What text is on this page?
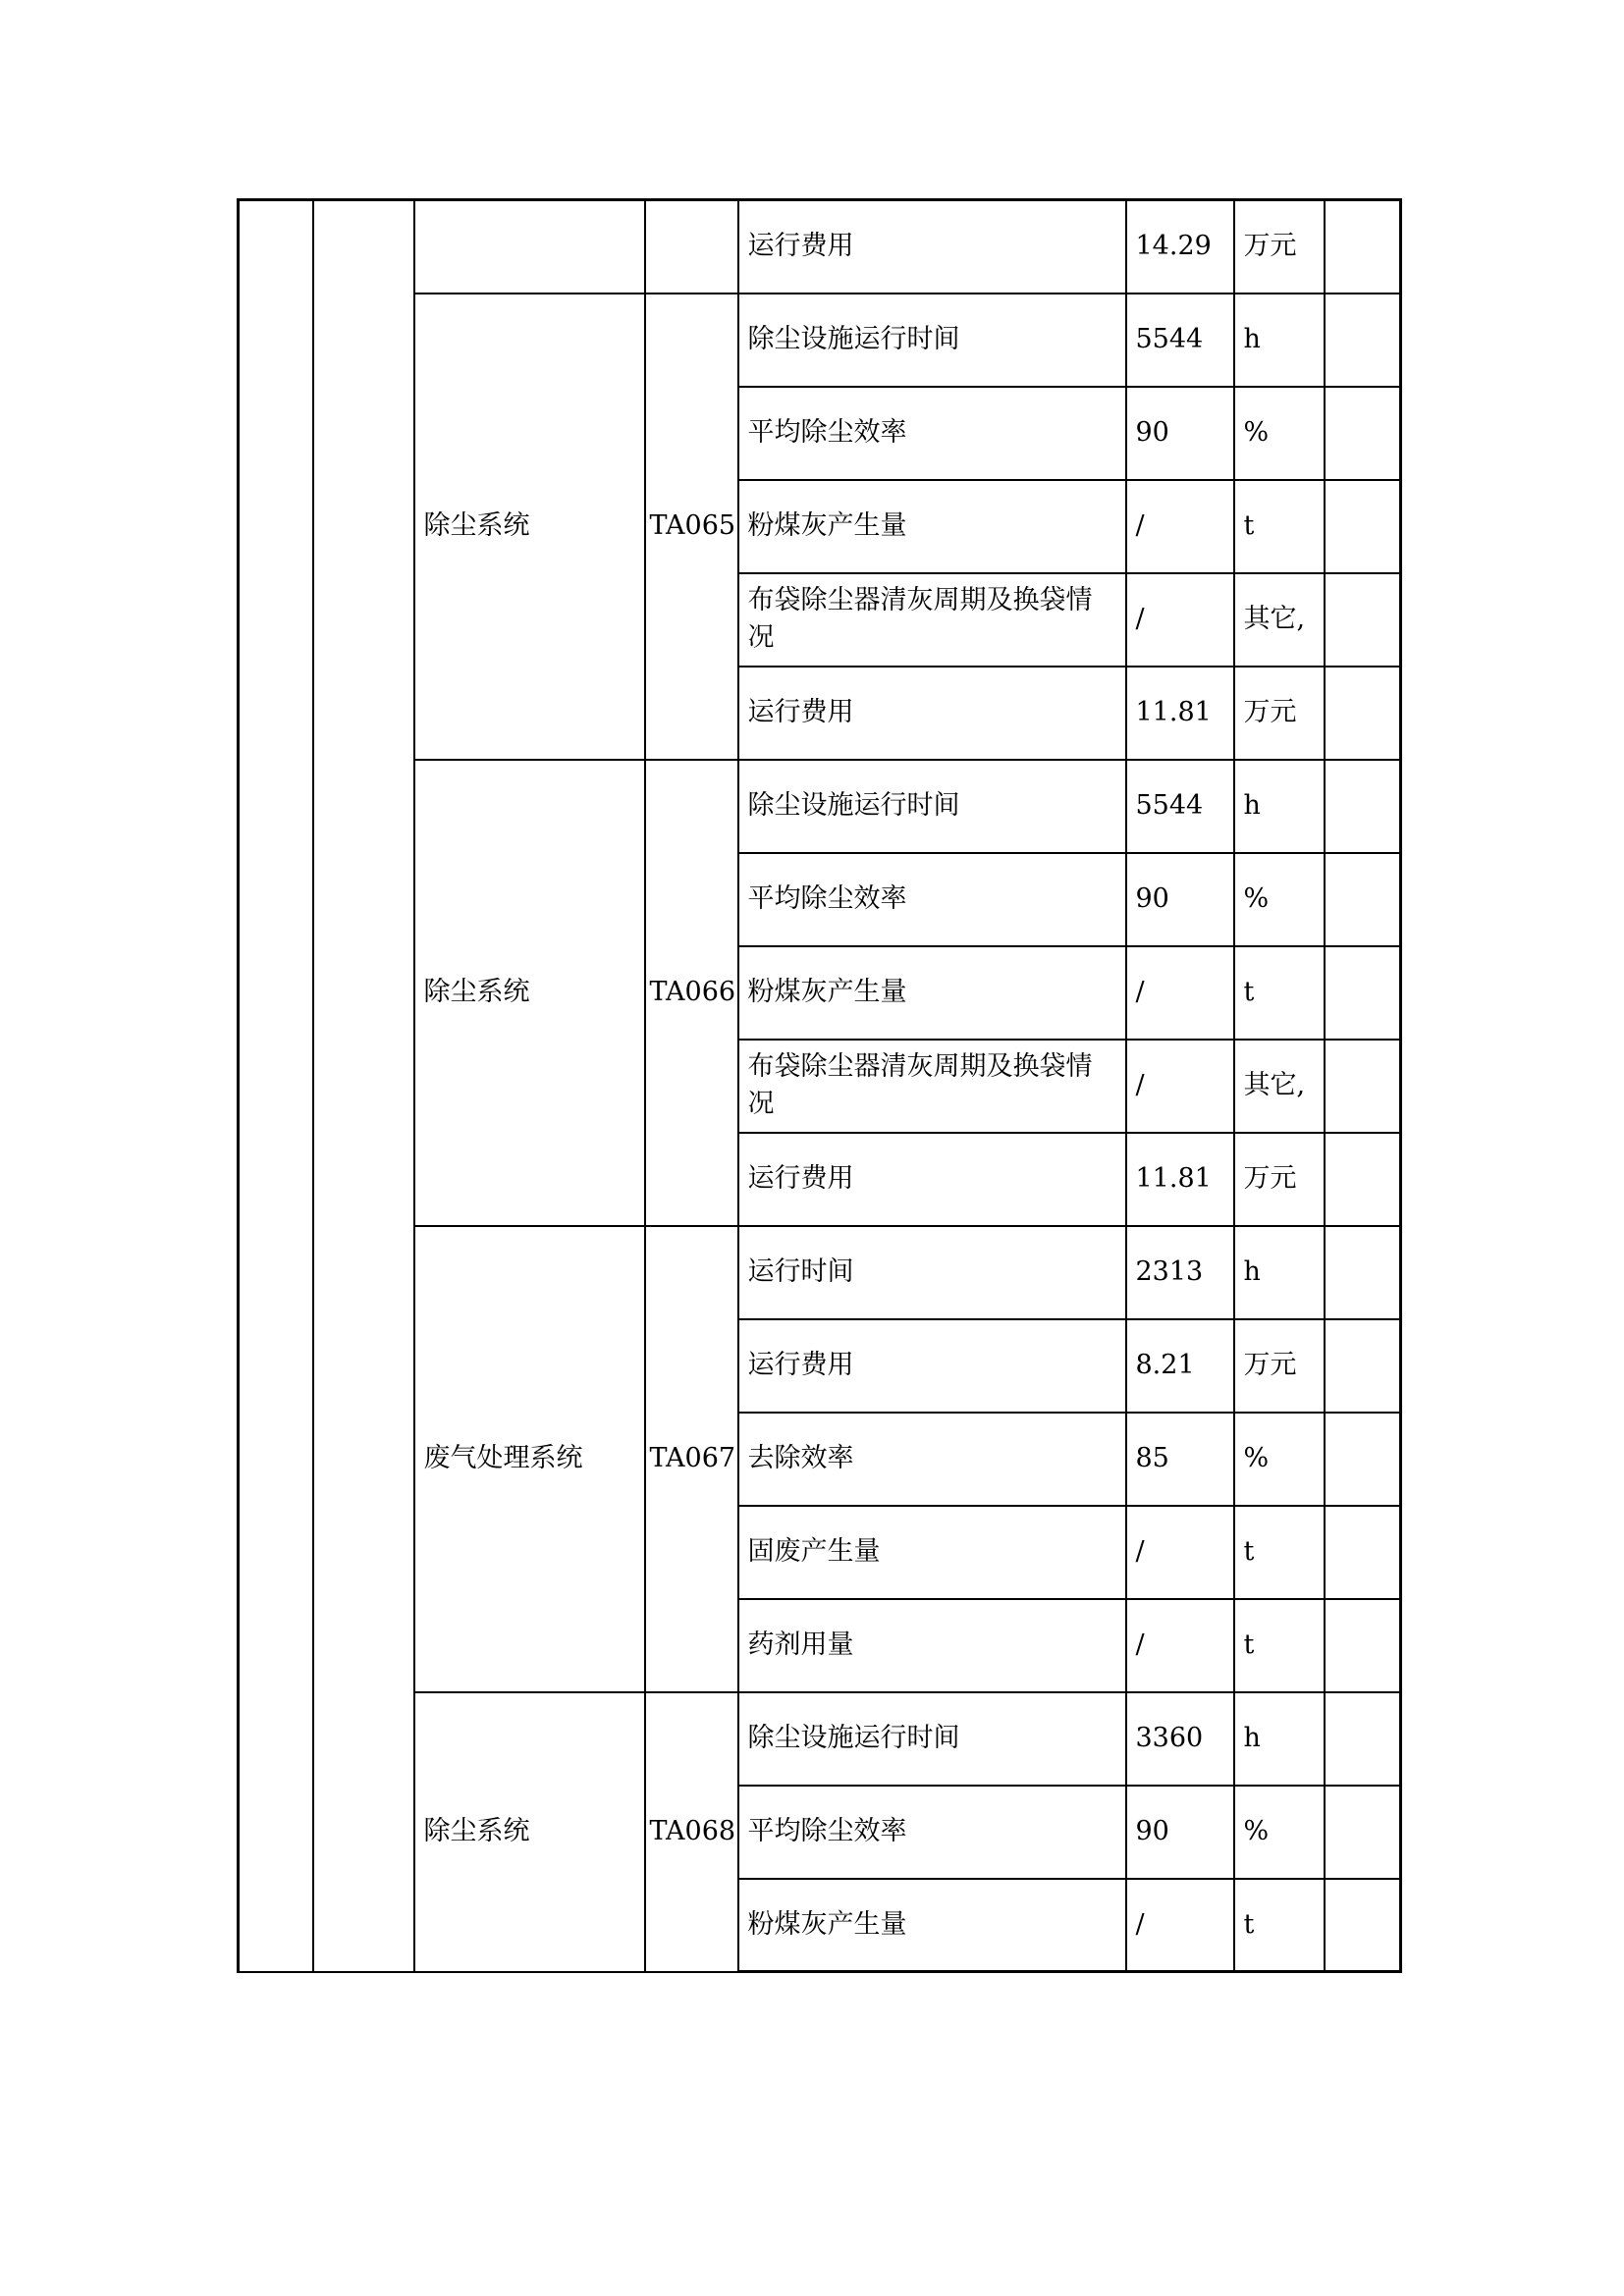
				运行费用	14.29	万元	
		除尘系统	TA065	除尘设施运行时间	5544	h	
				平均除尘效率	90	%	
				粉煤灰产生量	/	t	
				布袋除尘器清灰周期及换袋情况	/	其它,	
				运行费用	11.81	万元	
		除尘系统	TA066	除尘设施运行时间	5544	h	
				平均除尘效率	90	%	
				粉煤灰产生量	/	t	
				布袋除尘器清灰周期及换袋情况	/	其它,	
				运行费用	11.81	万元	
		废气处理系统	TA067	运行时间	2313	h	
				运行费用	8.21	万元	
				去除效率	85	%	
				固废产生量	/	t	
				药剂用量	/	t	
		除尘系统	TA068	除尘设施运行时间	3360	h	
				平均除尘效率	90	%	
				粉煤灰产生量	/	t	
